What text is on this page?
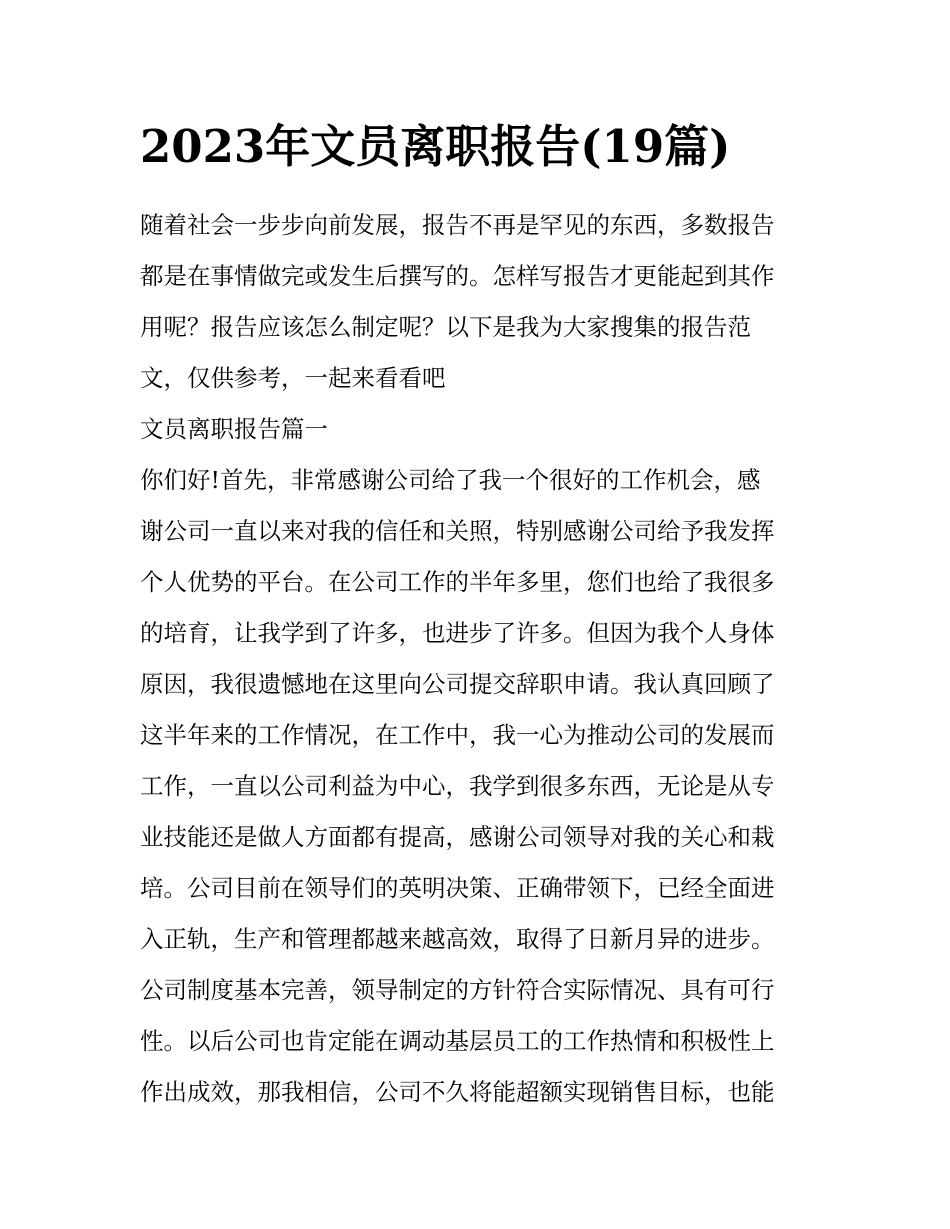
2023年文员离职报告(19篇)
随着社会一步步向前发展，报告不再是罕见的东西，多数报告
都是在事情做完或发生后撰写的。怎样写报告才更能起到其作
用呢？报告应该怎么制定呢？以下是我为大家搜集的报告范
文，仅供参考，一起来看看吧
文员离职报告篇一
你们好!首先，非常感谢公司给了我一个很好的工作机会，感
谢公司一直以来对我的信任和关照，特别感谢公司给予我发挥
个人优势的平台。在公司工作的半年多里，您们也给了我很多
的培育，让我学到了许多，也进步了许多。但因为我个人身体
原因，我很遗憾地在这里向公司提交辞职申请。我认真回顾了
这半年来的工作情况，在工作中，我一心为推动公司的发展而
工作，一直以公司利益为中心，我学到很多东西，无论是从专
业技能还是做人方面都有提高，感谢公司领导对我的关心和栽
培。公司目前在领导们的英明决策、正确带领下，已经全面进
入正轨，生产和管理都越来越高效，取得了日新月异的进步。
公司制度基本完善，领导制定的方针符合实际情况、具有可行
性。以后公司也肯定能在调动基层员工的工作热情和积极性上
作出成效，那我相信，公司不久将能超额实现销售目标，也能
